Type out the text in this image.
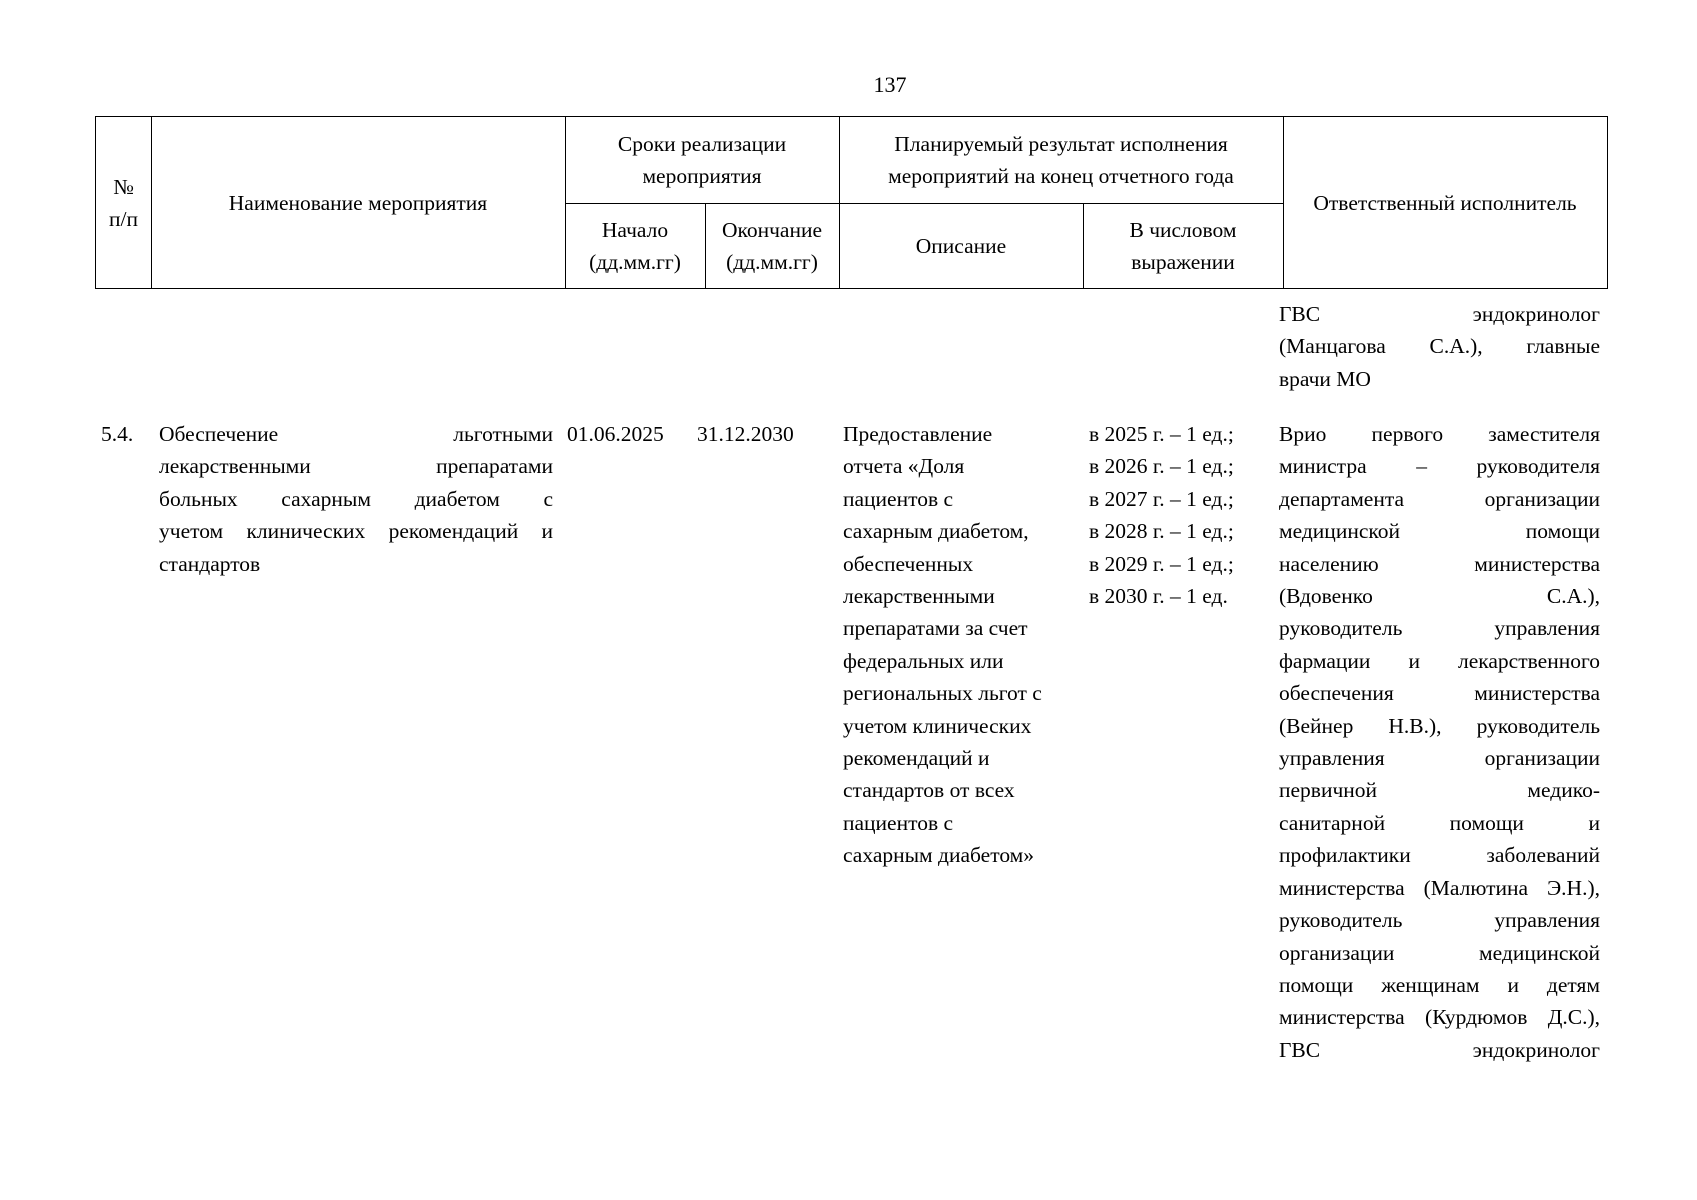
137
№ п/п
Наименование мероприятия
Сроки реализации мероприятия
Начало (дд.мм.гг)
Окончание (дд.мм.гг)
Планируемый результат исполнения мероприятий на конец отчетного года
Описание
В числовом выражении
Ответственный исполнитель
ГВС эндокринолог
(Манцагова С.А.), главные
врачи МО
5.4. Обеспечение льготными
лекарственными препаратами
больных сахарным диабетом с
учетом клинических рекомендаций и
стандартов
01.06.2025 31.12.2030 Предоставление
отчета «Доля
пациентов с
сахарным диабетом,
обеспеченных
лекарственными
препаратами за счет
федеральных или
региональных льгот с
учетом клинических
рекомендаций и
стандартов от всех
пациентов с
сахарным диабетом»
в 2025 г. – 1 ед.;
в 2026 г. – 1 ед.;
в 2027 г. – 1 ед.;
в 2028 г. – 1 ед.;
в 2029 г. – 1 ед.;
в 2030 г. – 1 ед.
Врио первого заместителя
министра – руководителя
департамента организации
медицинской помощи
населению министерства
(Вдовенко С.А.),
руководитель управления
фармации и лекарственного
обеспечения министерства
(Вейнер Н.В.), руководитель
управления организации
первичной медико-
санитарной помощи и
профилактики заболеваний
министерства (Малютина Э.Н.),
руководитель управления
организации медицинской
помощи женщинам и детям
министерства (Курдюмов Д.С.),
ГВС эндокринолог
